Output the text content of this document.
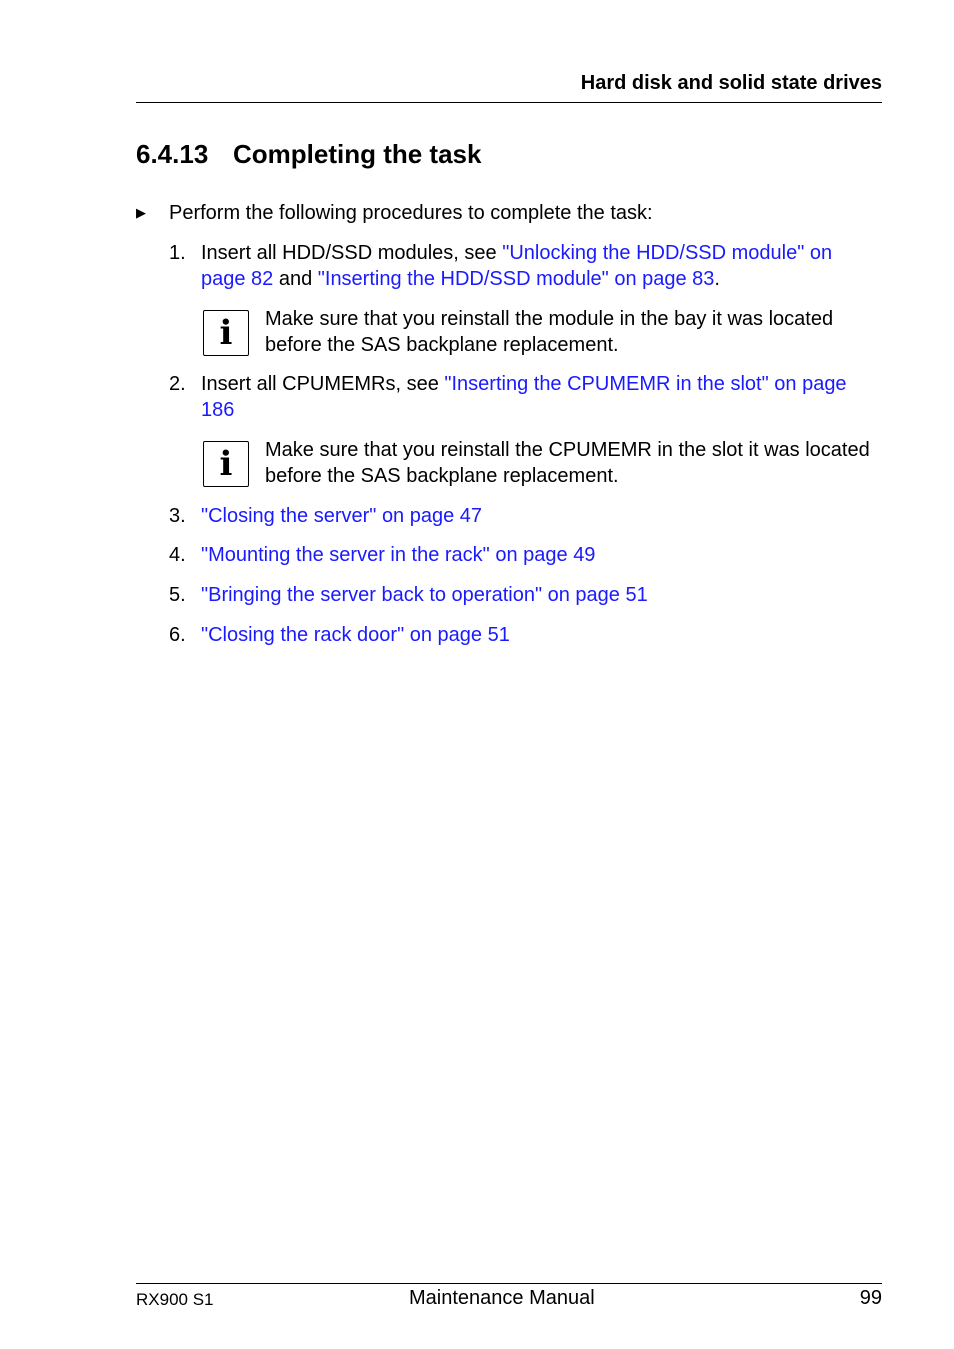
Hard disk and solid state drives
6.4.13 Completing the task
▶ Perform the following procedures to complete the task:
1. Insert all HDD/SSD modules, see "Unlocking the HDD/SSD module" on page 82 and "Inserting the HDD/SSD module" on page 83.
i	Make sure that you reinstall the module in the bay it was located before the SAS backplane replacement.
2. Insert all CPUMEMRs, see "Inserting the CPUMEMR in the slot" on page 186
i	Make sure that you reinstall the CPUMEMR in the slot it was located before the SAS backplane replacement.
3. "Closing the server" on page 47
4. "Mounting the server in the rack" on page 49
5. "Bringing the server back to operation" on page 51
6. "Closing the rack door" on page 51
RX900 S1	Maintenance Manual	99
